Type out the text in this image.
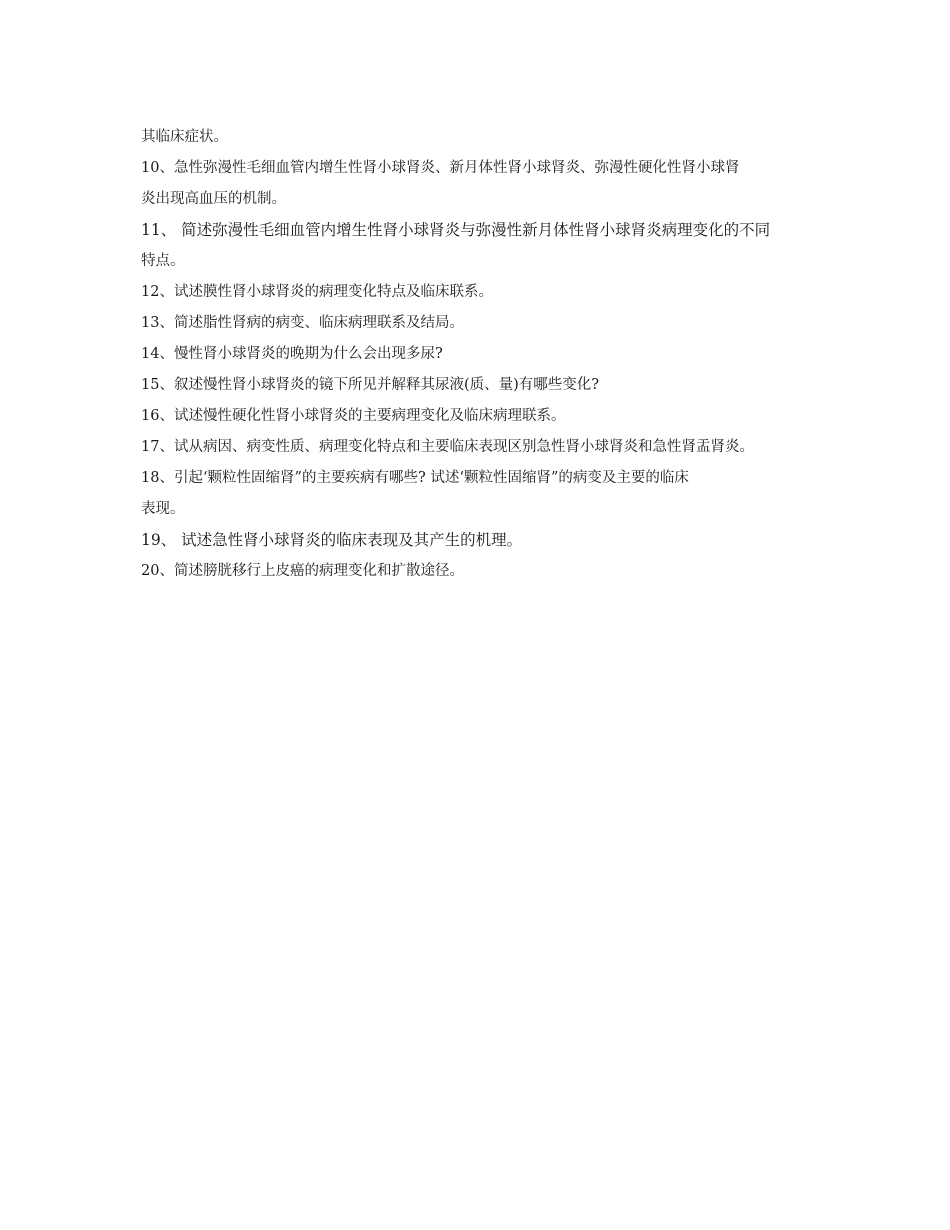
其临床症状。
10、急性弥漫性毛细血管内增生性肾小球肾炎、新月体性肾小球肾炎、弥漫性硬化性肾小球肾
炎出现高血压的机制。
11、 简述弥漫性毛细血管内增生性肾小球肾炎与弥漫性新月体性肾小球肾炎病理变化的不同
特点。
12、试述膜性肾小球肾炎的病理变化特点及临床联系。
13、简述脂性肾病的病变、临床病理联系及结局。
14、慢性肾小球肾炎的晚期为什么会出现多尿?
15、叙述慢性肾小球肾炎的镜下所见并解释其尿液(质、量)有哪些变化?
16、试述慢性硬化性肾小球肾炎的主要病理变化及临床病理联系。
17、试从病因、病变性质、病理变化特点和主要临床表现区别急性肾小球肾炎和急性肾盂肾炎。
18、引起‘颗粒性固缩肾”的主要疾病有哪些? 试述‘颗粒性固缩肾”的病变及主要的临床
表现。
19、 试述急性肾小球肾炎的临床表现及其产生的机理。
20、简述膀胱移行上皮癌的病理变化和扩散途径。
